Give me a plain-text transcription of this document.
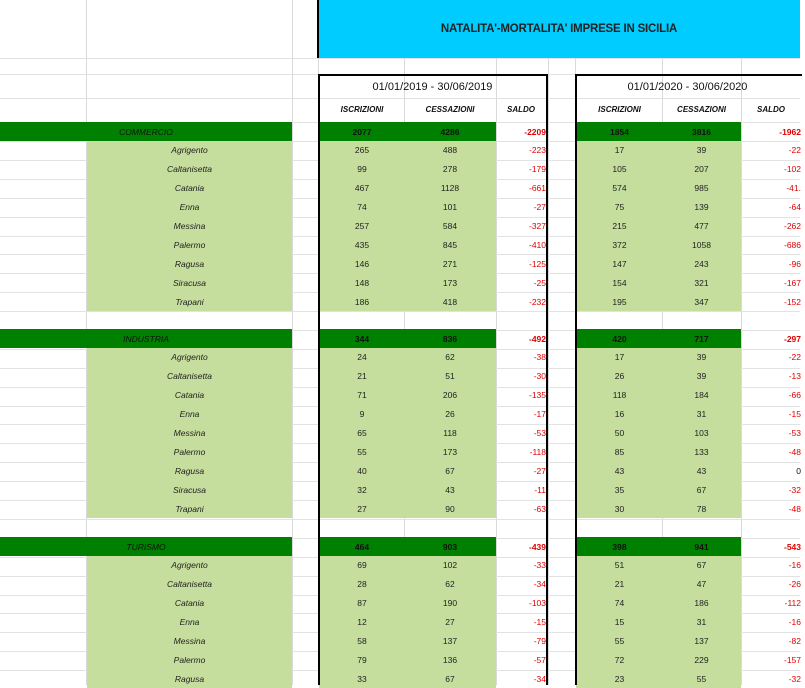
NATALITA'-MORTALITA' IMPRESE IN SICILIA
01/01/2019 - 30/06/2019
ISCRIZIONI	CESSAZIONI	SALDO
01/01/2020 - 30/06/2020
ISCRIZIONI	CESSAZIONI	SALDO
COMMERCIO	2077	4286	-2209	1854	3816	-1962
Agrigento	265	488	-223	17	39	-22
Caltanisetta	99	278	-179	105	207	-102
Catania	467	1128	-661	574	985	-41.
Enna	74	101	-27	75	139	-64
Messina	257	584	-327	215	477	-262
Palermo	435	845	-410	372	1058	-686
Ragusa	146	271	-125	147	243	-96
Siracusa	148	173	-25	154	321	-167
Trapani	186	418	-232	195	347	-152
INDUSTRIA	344	836	-492	420	717	-297
Agrigento	24	62	-38	17	39	-22
Caltanisetta	21	51	-30	26	39	-13
Catania	71	206	-135	118	184	-66
Enna	9	26	-17	16	31	-15
Messina	65	118	-53	50	103	-53
Palermo	55	173	-118	85	133	-48
Ragusa	40	67	-27	43	43	0
Siracusa	32	43	-11	35	67	-32
Trapani	27	90	-63	30	78	-48
TURISMO	464	903	-439	398	941	-543
Agrigento	69	102	-33	51	67	-16
Caltanisetta	28	62	-34	21	47	-26
Catania	87	190	-103	74	186	-112
Enna	12	27	-15	15	31	-16
Messina	58	137	-79	55	137	-82
Palermo	79	136	-57	72	229	-157
Ragusa	33	67	-34	23	55	-32
